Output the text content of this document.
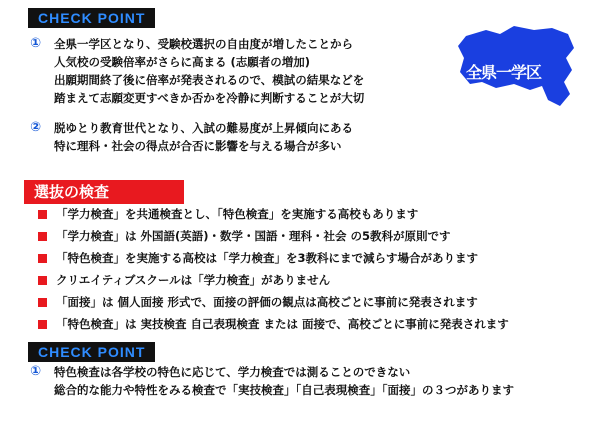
CHECK POINT
① 全県一学区となり、受験校選択の自由度が増したことから
人気校の受験倍率がさらに高まる (志願者の増加)
出願期間終了後に倍率が発表されるので、模試の結果などを
踏まえて志願変更すべきか否かを冷静に判断することが大切
② 脱ゆとり教育世代となり、入試の難易度が上昇傾向にある
特に理科・社会の得点が合否に影響を与える場合が多い
全県一学区
選抜の検査
「学力検査」を共通検査とし、「特色検査」を実施する高校もあります
「学力検査」は 外国語(英語)・数学・国語・理科・社会 の5教科が原則です
「特色検査」を実施する高校は「学力検査」を3教科にまで減らす場合があります
クリエイティブスクールは「学力検査」がありません
「面接」は 個人面接 形式で、面接の評価の観点は高校ごとに事前に発表されます
「特色検査」は 実技検査 自己表現検査 または 面接で、高校ごとに事前に発表されます
CHECK POINT
① 特色検査は各学校の特色に応じて、学力検査では測ることのできない
総合的な能力や特性をみる検査で「実技検査」「自己表現検査」「面接」の３つがあります
